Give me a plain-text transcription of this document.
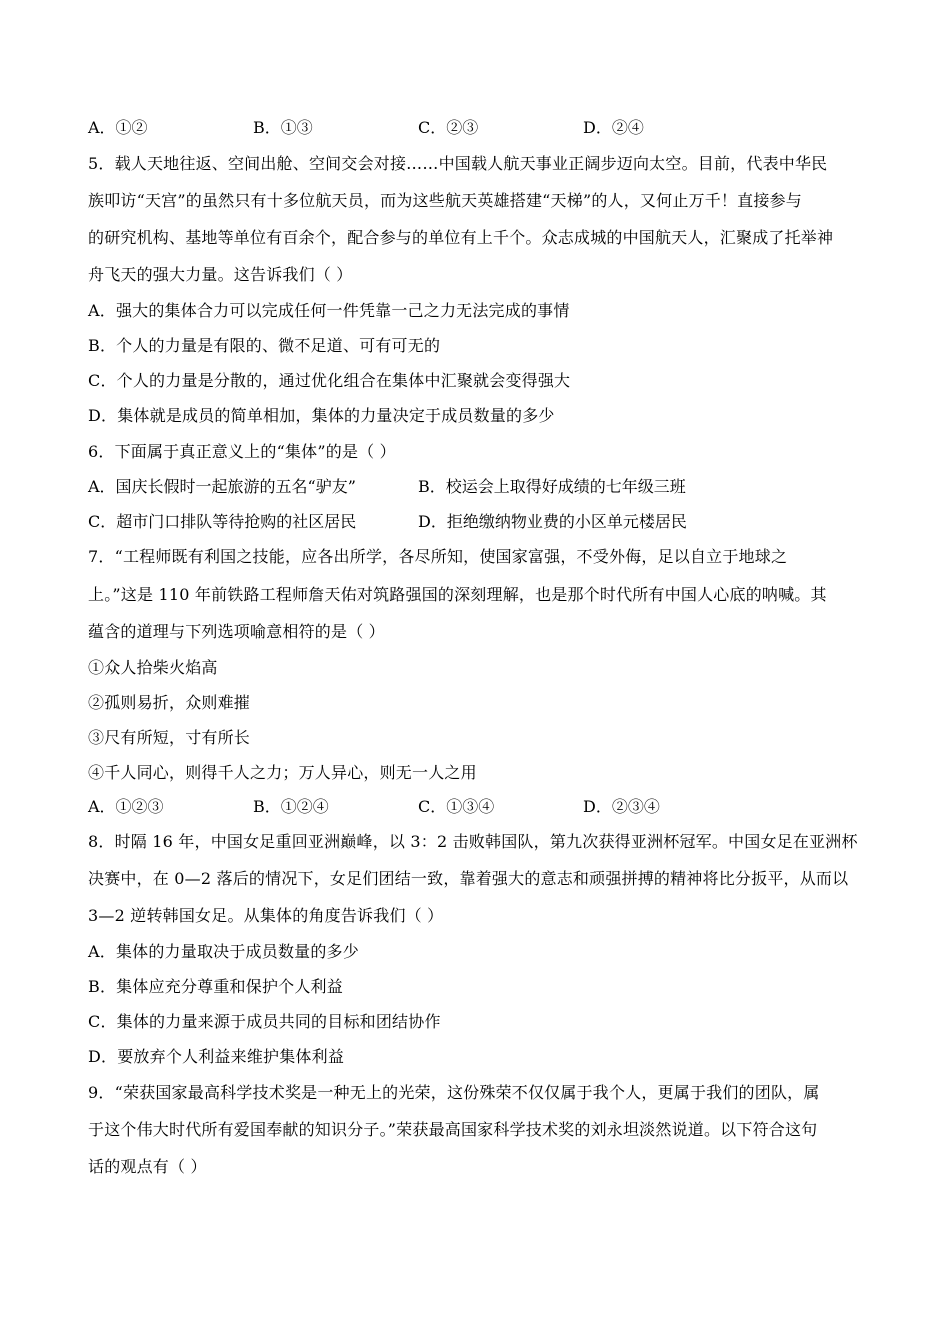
A．①②	B．①③	C．②③	D．②④
5．载人天地往返、空间出舱、空间交会对接……中国载人航天事业正阔步迈向太空。目前，代表中华民
族叩访“天宫”的虽然只有十多位航天员，而为这些航天英雄搭建“天梯”的人，又何止万千！直接参与
的研究机构、基地等单位有百余个，配合参与的单位有上千个。众志成城的中国航天人，汇聚成了托举神
舟飞天的强大力量。这告诉我们（ ）
A．强大的集体合力可以完成任何一件凭靠一己之力无法完成的事情
B．个人的力量是有限的、微不足道、可有可无的
C．个人的力量是分散的，通过优化组合在集体中汇聚就会变得强大
D．集体就是成员的简单相加，集体的力量决定于成员数量的多少
6．下面属于真正意义上的“集体”的是（ ）
A．国庆长假时一起旅游的五名“驴友”	B．校运会上取得好成绩的七年级三班
C．超市门口排队等待抢购的社区居民	D．拒绝缴纳物业费的小区单元楼居民
7．“工程师既有利国之技能，应各出所学，各尽所知，使国家富强，不受外侮，足以自立于地球之
上。”这是 110 年前铁路工程师詹天佑对筑路强国的深刻理解，也是那个时代所有中国人心底的呐喊。其
蕴含的道理与下列选项喻意相符的是（ ）
①众人拾柴火焰高
②孤则易折，众则难摧
③尺有所短，寸有所长
④千人同心，则得千人之力；万人异心，则无一人之用
A．①②③	B．①②④	C．①③④	D．②③④
8．时隔 16 年，中国女足重回亚洲巅峰，以 3：2 击败韩国队，第九次获得亚洲杯冠军。中国女足在亚洲杯
决赛中，在 0—2 落后的情况下，女足们团结一致，靠着强大的意志和顽强拼搏的精神将比分扳平，从而以
3—2 逆转韩国女足。从集体的角度告诉我们（ ）
A．集体的力量取决于成员数量的多少
B．集体应充分尊重和保护个人利益
C．集体的力量来源于成员共同的目标和团结协作
D．要放弃个人利益来维护集体利益
9．“荣获国家最高科学技术奖是一种无上的光荣，这份殊荣不仅仅属于我个人，更属于我们的团队，属
于这个伟大时代所有爱国奉献的知识分子。”荣获最高国家科学技术奖的刘永坦淡然说道。以下符合这句
话的观点有（ ）
